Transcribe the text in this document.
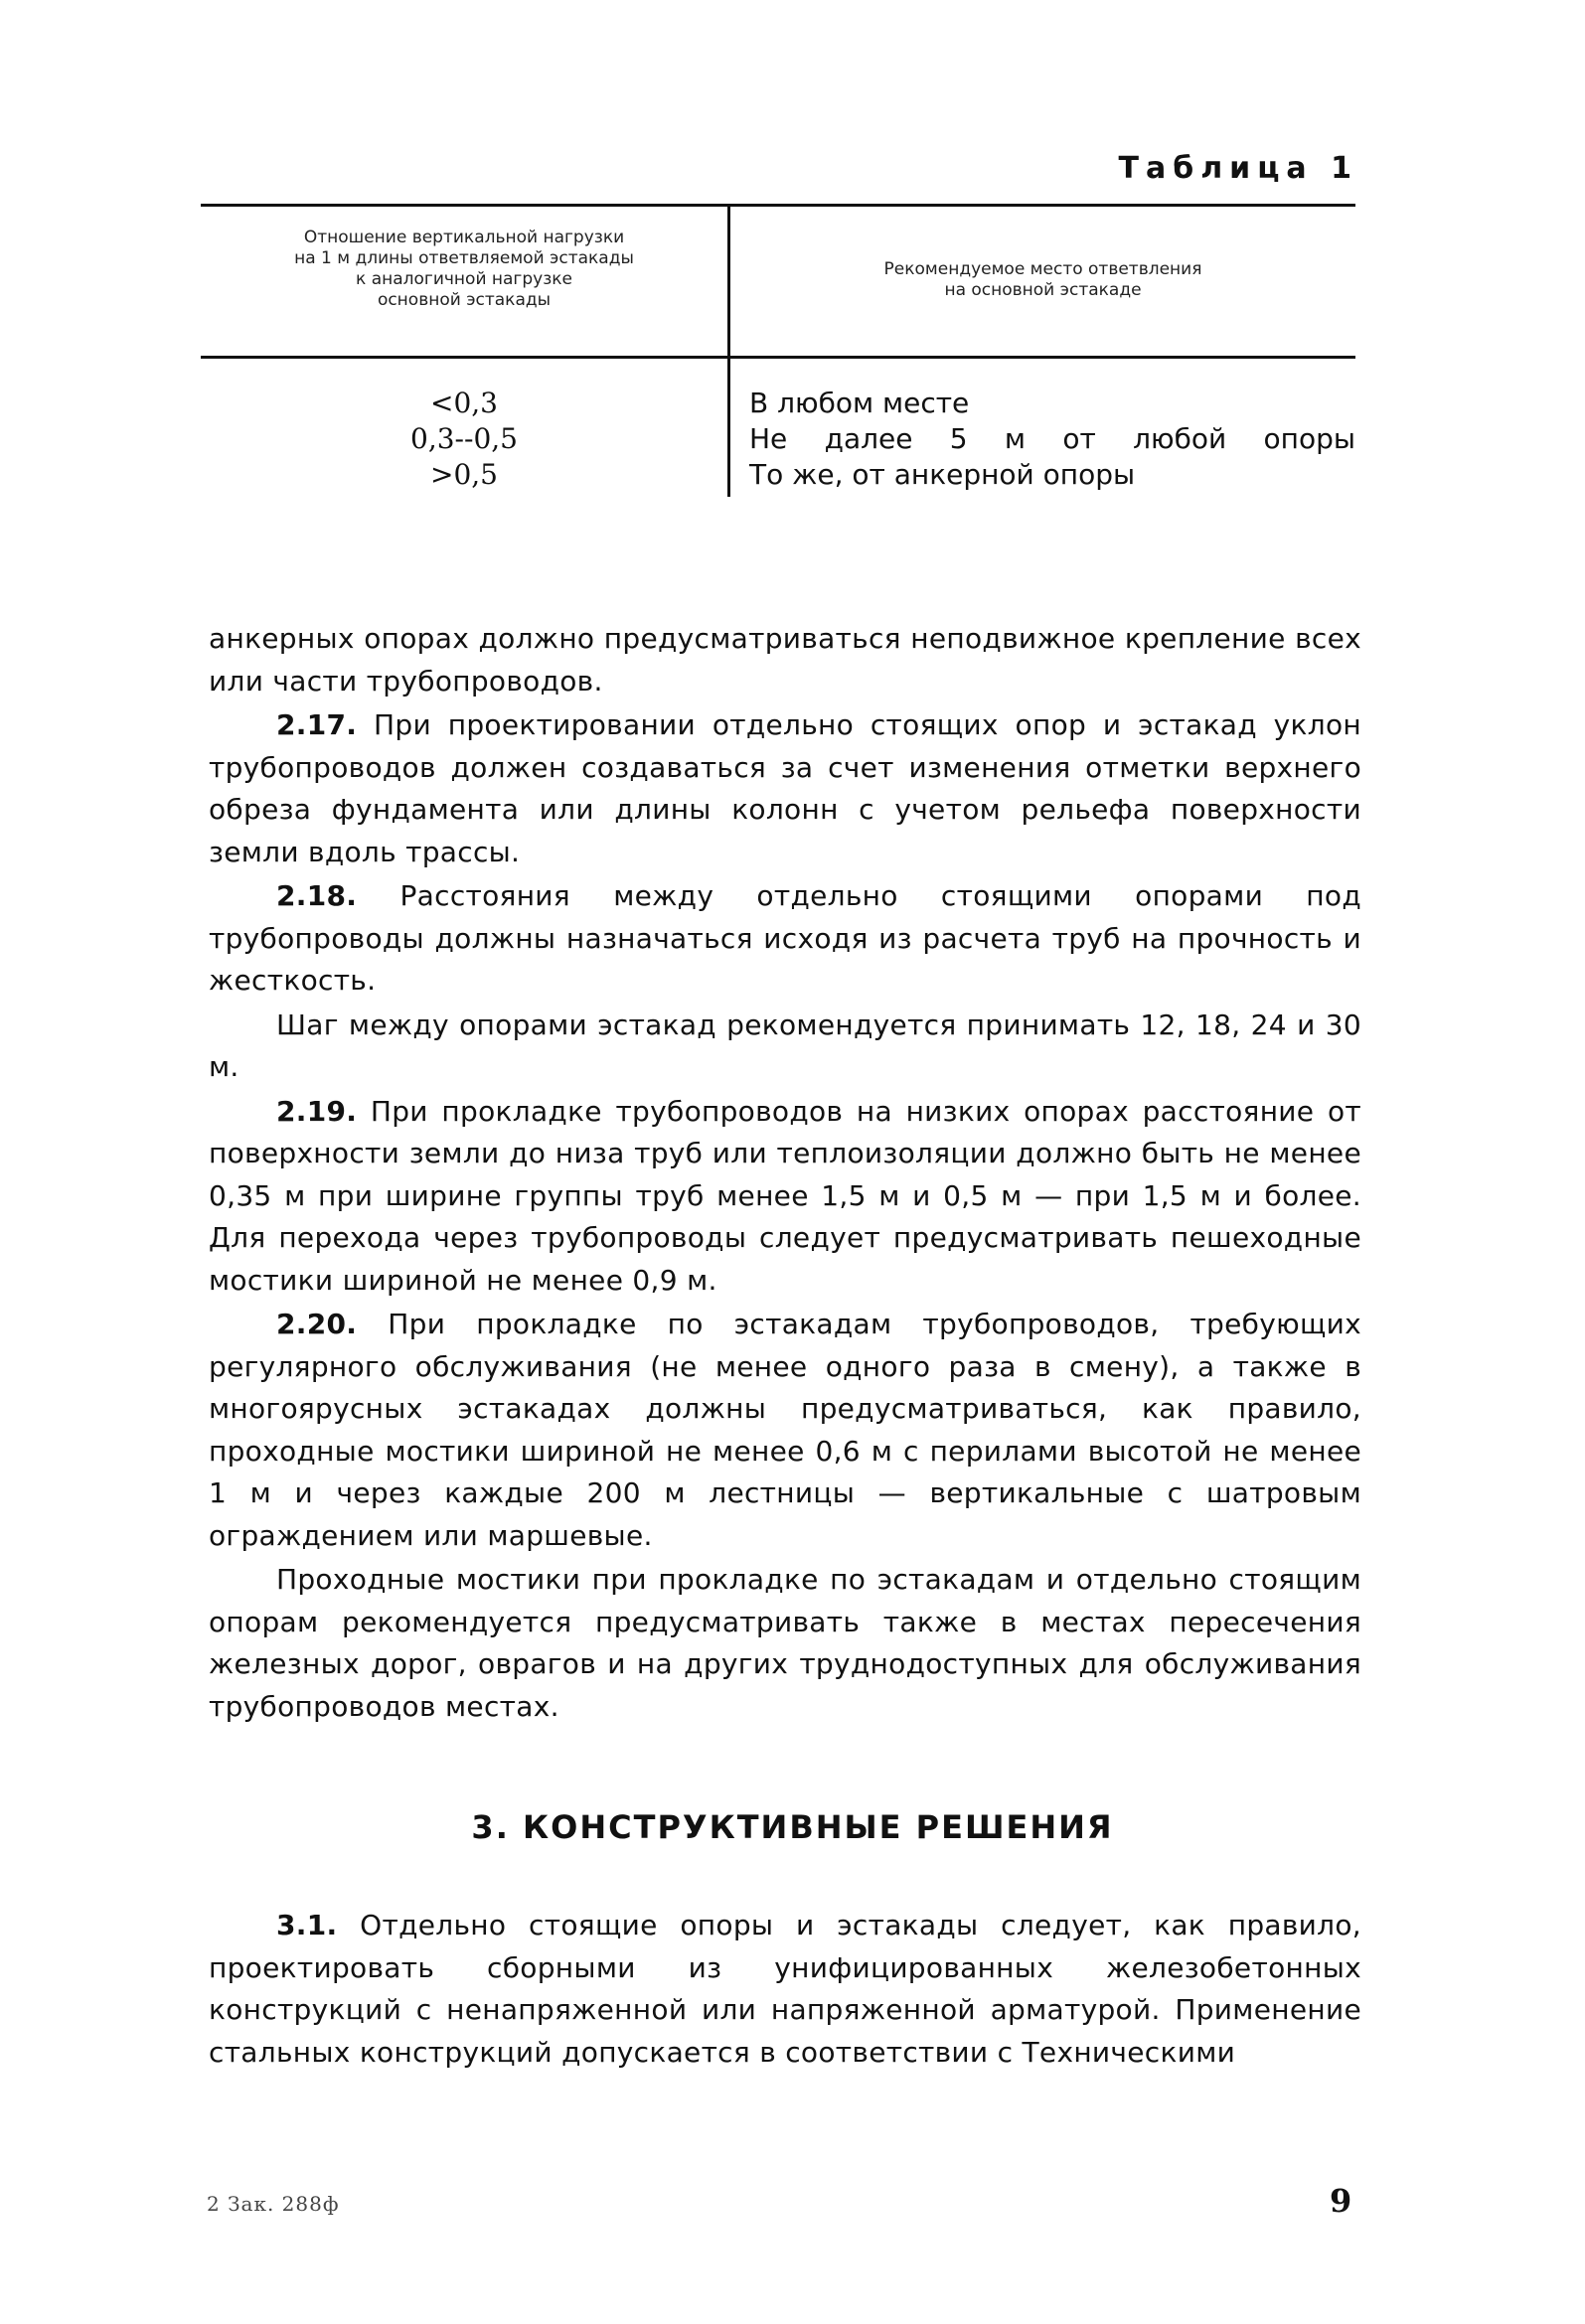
Таблица 1
Отношение вертикальной нагрузки
на 1 м длины ответвляемой эстакады
к аналогичной нагрузке
основной эстакады
Рекомендуемое место ответвления
на основной эстакаде
<0,3
0,3--0,5
>0,5
В любом месте
Не далее 5 м от любой опоры
То же, от анкерной опоры

анкерных опорах должно предусматриваться неподвижное крепление всех или части трубопроводов.

2.17. При проектировании отдельно стоящих опор и эстакад уклон трубопроводов должен создаваться за счет изменения отметки верхнего обреза фундамента или длины колонн с учетом рельефа поверхности земли вдоль трассы.

2.18. Расстояния между отдельно стоящими опорами под трубопроводы должны назначаться исходя из расчета труб на прочность и жесткость.

Шаг между опорами эстакад рекомендуется принимать 12, 18, 24 и 30 м.

2.19. При прокладке трубопроводов на низких опорах расстояние от поверхности земли до низа труб или теплоизоляции должно быть не менее 0,35 м при ширине группы труб менее 1,5 м и 0,5 м — при 1,5 м и более. Для перехода через трубопроводы следует предусматривать пешеходные мостики шириной не менее 0,9 м.

2.20. При прокладке по эстакадам трубопроводов, требующих регулярного обслуживания (не менее одного раза в смену), а также в многоярусных эстакадах должны предусматриваться, как правило, проходные мостики шириной не менее 0,6 м с перилами высотой не менее 1 м и через каждые 200 м лестницы — вертикальные с шатровым ограждением или маршевые.

Проходные мостики при прокладке по эстакадам и отдельно стоящим опорам рекомендуется предусматривать также в местах пересечения железных дорог, оврагов и на других труднодоступных для обслуживания трубопроводов местах.

3. КОНСТРУКТИВНЫЕ РЕШЕНИЯ

3.1. Отдельно стоящие опоры и эстакады следует, как правило, проектировать сборными из унифицированных железобетонных конструкций с ненапряженной или напряженной арматурой. Применение стальных конструкций допускается в соответствии с Техническими

2 Зак. 288ф	9
